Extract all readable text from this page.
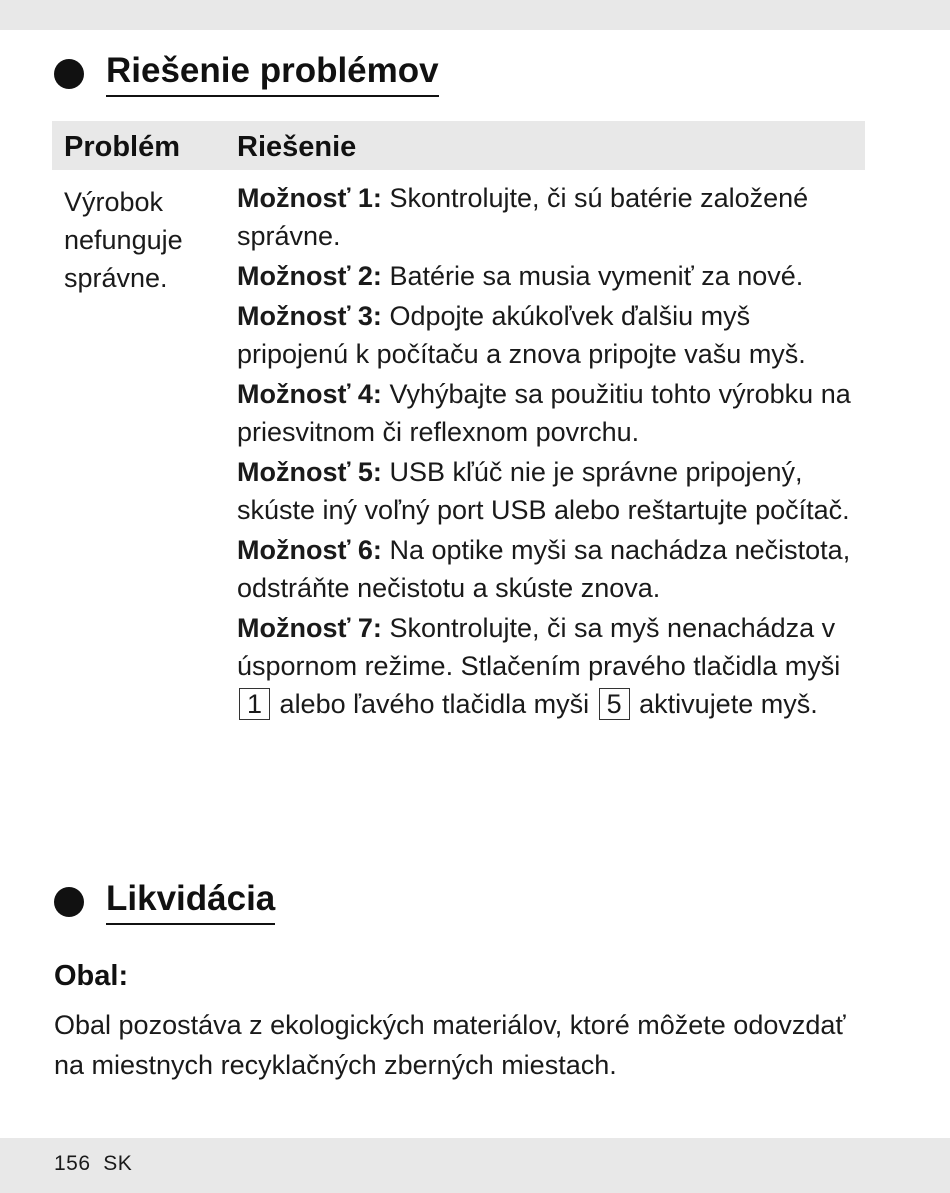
Riešenie problémov
Problém Riešenie
Výrobok nefunguje správne.
Možnosť 1: Skontrolujte, či sú batérie založené správne.
Možnosť 2: Batérie sa musia vymeniť za nové.
Možnosť 3: Odpojte akúkoľvek ďalšiu myš pripojenú k počítaču a znova pripojte vašu myš.
Možnosť 4: Vyhýbajte sa použitiu tohto výrobku na priesvitnom či reflexnom povrchu.
Možnosť 5: USB kľúč nie je správne pripojený, skúste iný voľný port USB alebo reštartujte počítač.
Možnosť 6: Na optike myši sa nachádza nečistota, odstráňte nečistotu a skúste znova.
Možnosť 7: Skontrolujte, či sa myš nenachádza v úspornom režime. Stlačením pravého tlačidla myši 1 alebo ľavého tlačidla myši 5 aktivujete myš.
Likvidácia
Obal:
Obal pozostáva z ekologických materiálov, ktoré môžete odovzdať na miestnych recyklačných zberných miestach.
156 SK
